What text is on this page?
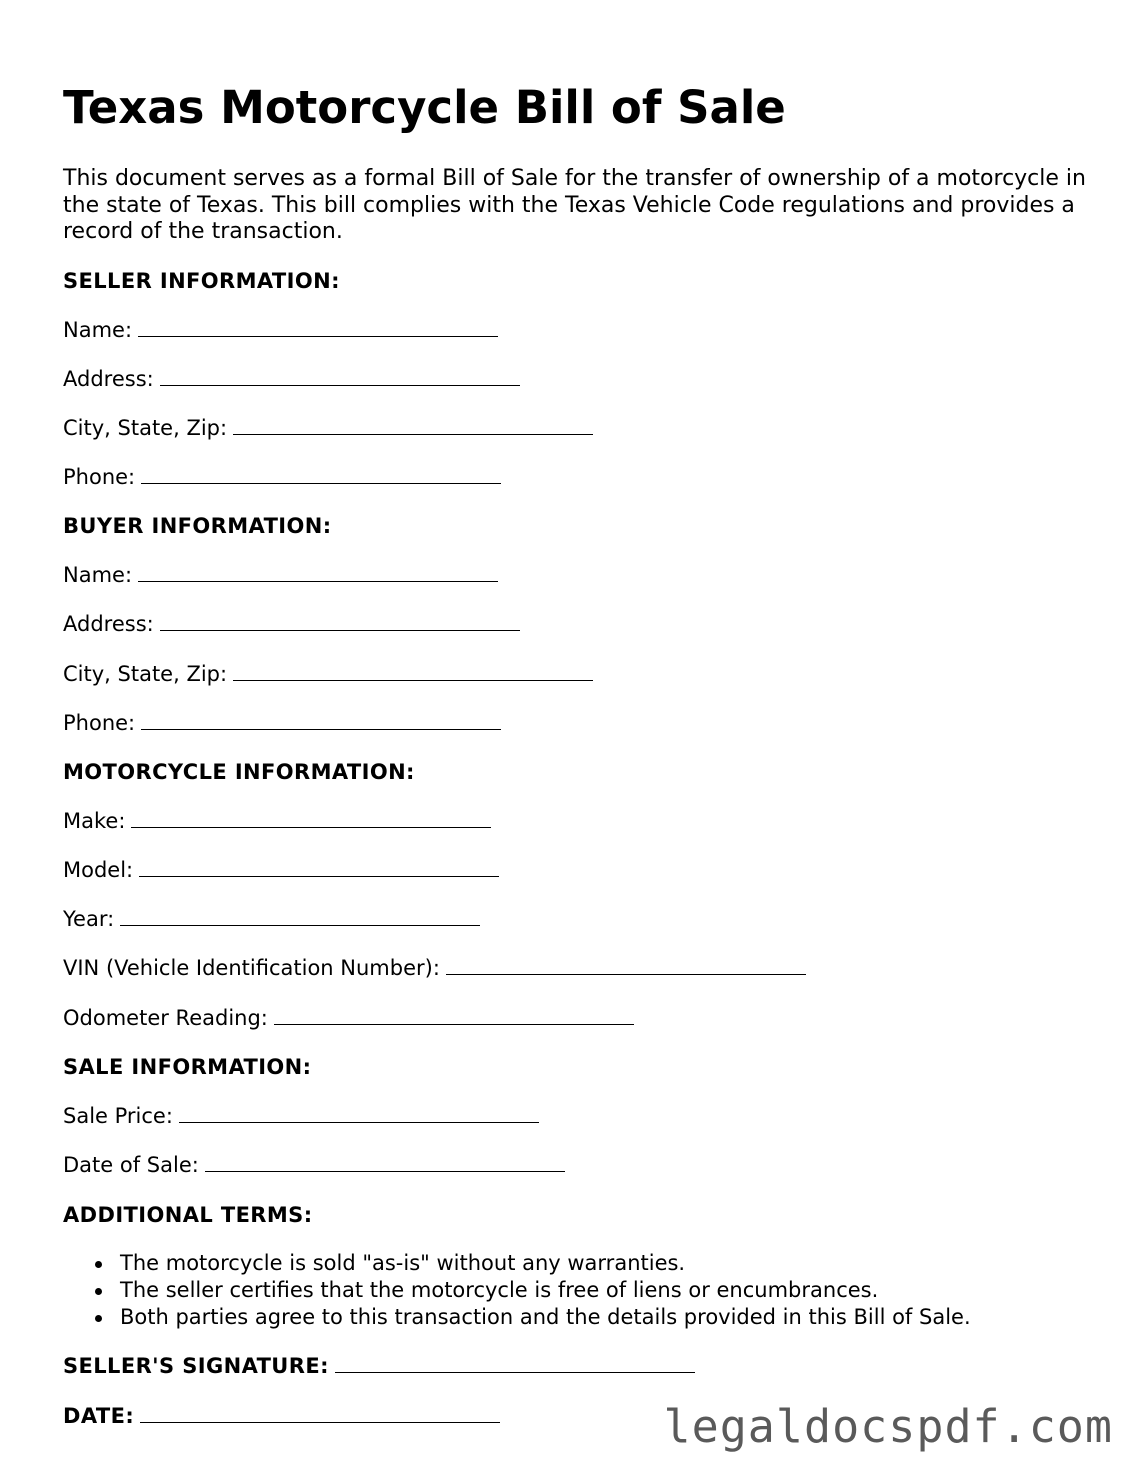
Texas Motorcycle Bill of Sale

This document serves as a formal Bill of Sale for the transfer of ownership of a motorcycle in the state of Texas. This bill complies with the Texas Vehicle Code regulations and provides a record of the transaction.

SELLER INFORMATION:
Name:
Address:
City, State, Zip:
Phone:
BUYER INFORMATION:
Name:
Address:
City, State, Zip:
Phone:
MOTORCYCLE INFORMATION:
Make:
Model:
Year:
VIN (Vehicle Identification Number):
Odometer Reading:
SALE INFORMATION:
Sale Price:
Date of Sale:
ADDITIONAL TERMS:
The motorcycle is sold "as-is" without any warranties.
The seller certifies that the motorcycle is free of liens or encumbrances.
Both parties agree to this transaction and the details provided in this Bill of Sale.
SELLER'S SIGNATURE:
DATE:	legaldocspdf.com
